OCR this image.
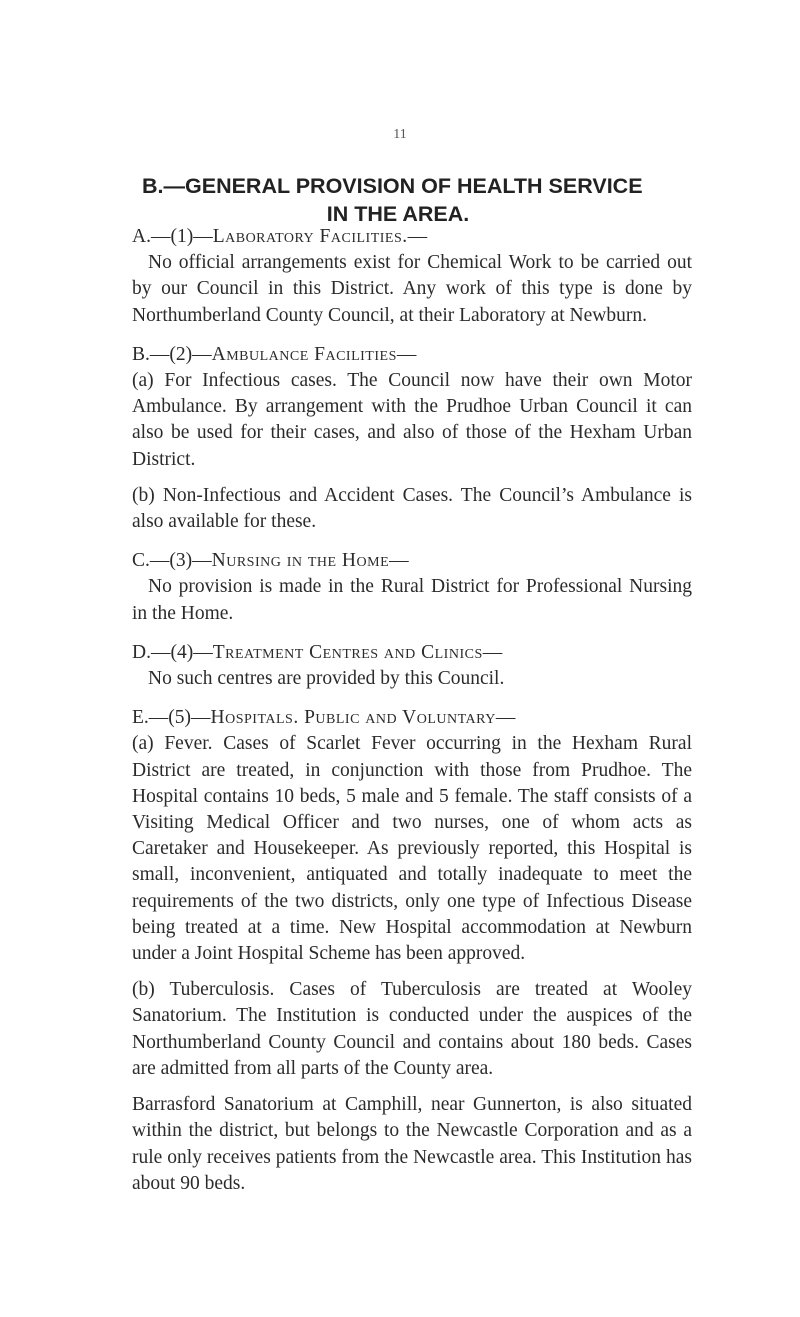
11
B.—GENERAL PROVISION OF HEALTH SERVICE
IN THE AREA.

A.—(1)—Laboratory Facilities.—

No official arrangements exist for Chemical Work to be carried out by our Council in this District. Any work of this type is done by Northumberland County Council, at their Laboratory at Newburn.

B.—(2)—Ambulance Facilities—

(a) For Infectious cases. The Council now have their own Motor Ambulance. By arrangement with the Prudhoe Urban Council it can also be used for their cases, and also of those of the Hexham Urban District.

(b) Non-Infectious and Accident Cases. The Council’s Ambulance is also available for these.

C.—(3)—Nursing in the Home—

No provision is made in the Rural District for Professional Nursing in the Home.

D.—(4)—Treatment Centres and Clinics—

No such centres are provided by this Council.

E.—(5)—Hospitals. Public and Voluntary—

(a) Fever. Cases of Scarlet Fever occurring in the Hexham Rural District are treated, in conjunction with those from Prudhoe. The Hospital contains 10 beds, 5 male and 5 female. The staff consists of a Visiting Medical Officer and two nurses, one of whom acts as Caretaker and Housekeeper. As previously reported, this Hospital is small, inconvenient, antiquated and totally inadequate to meet the requirements of the two districts, only one type of Infectious Disease being treated at a time. New Hospital accommodation at Newburn under a Joint Hospital Scheme has been approved.

(b) Tuberculosis. Cases of Tuberculosis are treated at Wooley Sanatorium. The Institution is conducted under the auspices of the Northumberland County Council and contains about 180 beds. Cases are admitted from all parts of the County area.

Barrasford Sanatorium at Camphill, near Gunnerton, is also situated within the district, but belongs to the Newcastle Corporation and as a rule only receives patients from the Newcastle area. This Institution has about 90 beds.
